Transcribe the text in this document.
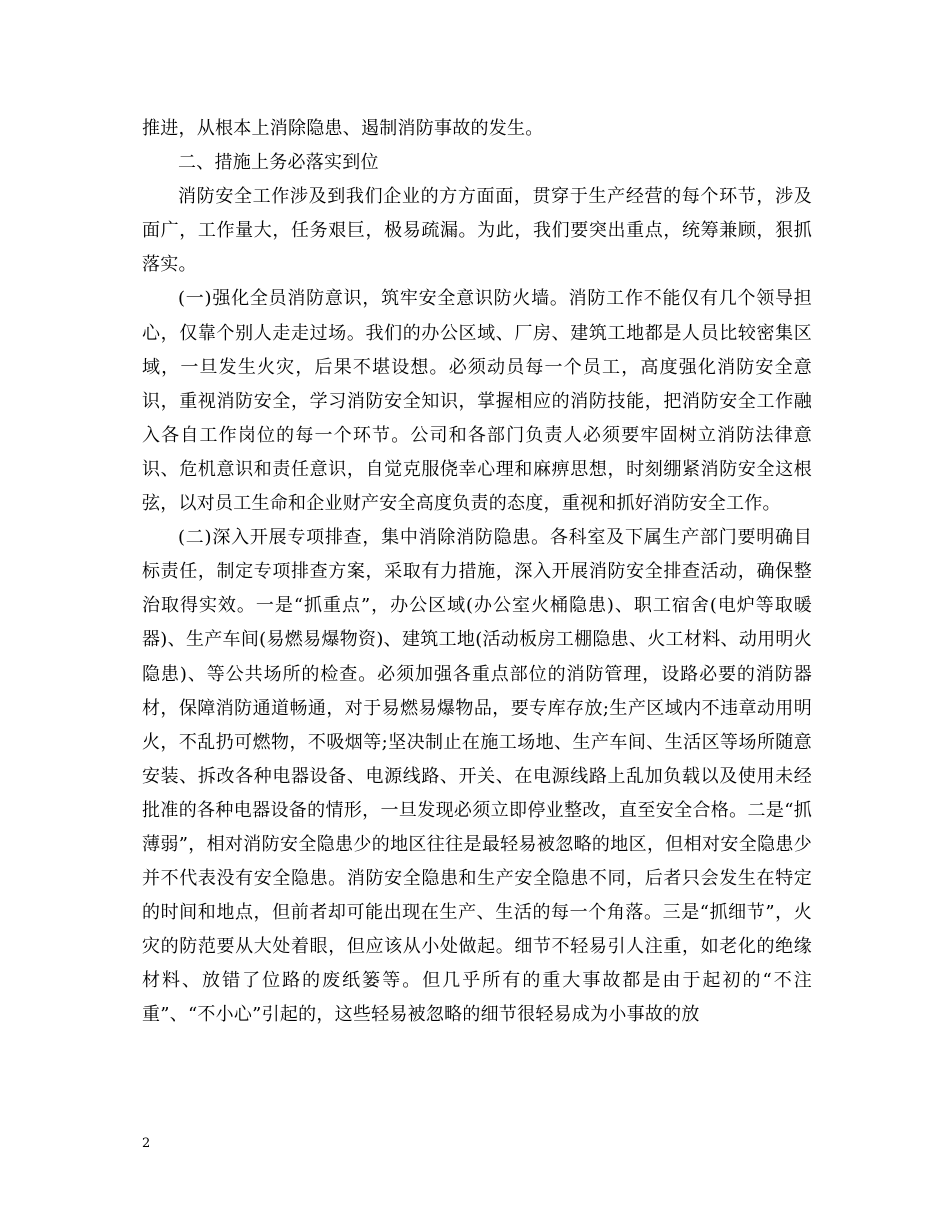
推进，从根本上消除隐患、遏制消防事故的发生。

二、措施上务必落实到位

消防安全工作涉及到我们企业的方方面面，贯穿于生产经营的每个环节，涉及面广，工作量大，任务艰巨，极易疏漏。为此，我们要突出重点，统筹兼顾，狠抓落实。

(一)强化全员消防意识，筑牢安全意识防火墙。消防工作不能仅有几个领导担心，仅靠个别人走走过场。我们的办公区域、厂房、建筑工地都是人员比较密集区域，一旦发生火灾，后果不堪设想。必须动员每一个员工，高度强化消防安全意识，重视消防安全，学习消防安全知识，掌握相应的消防技能，把消防安全工作融入各自工作岗位的每一个环节。公司和各部门负责人必须要牢固树立消防法律意识、危机意识和责任意识，自觉克服侥幸心理和麻痹思想，时刻绷紧消防安全这根弦，以对员工生命和企业财产安全高度负责的态度，重视和抓好消防安全工作。

(二)深入开展专项排查，集中消除消防隐患。各科室及下属生产部门要明确目标责任，制定专项排查方案，采取有力措施，深入开展消防安全排查活动，确保整治取得实效。一是“抓重点”，办公区域(办公室火桶隐患)、职工宿舍(电炉等取暖器)、生产车间(易燃易爆物资)、建筑工地(活动板房工棚隐患、火工材料、动用明火隐患)、等公共场所的检查。必须加强各重点部位的消防管理，设路必要的消防器材，保障消防通道畅通，对于易燃易爆物品，要专库存放;生产区域内不违章动用明火，不乱扔可燃物，不吸烟等;坚决制止在施工场地、生产车间、生活区等场所随意安装、拆改各种电器设备、电源线路、开关、在电源线路上乱加负载以及使用未经批准的各种电器设备的情形，一旦发现必须立即停业整改，直至安全合格。二是“抓薄弱”，相对消防安全隐患少的地区往往是最轻易被忽略的地区，但相对安全隐患少并不代表没有安全隐患。消防安全隐患和生产安全隐患不同，后者只会发生在特定的时间和地点，但前者却可能出现在生产、生活的每一个角落。三是“抓细节”，火灾的防范要从大处着眼，但应该从小处做起。细节不轻易引人注重，如老化的绝缘材料、放错了位路的废纸篓等。但几乎所有的重大事故都是由于起初的“不注重”、“不小心”引起的，这些轻易被忽略的细节很轻易成为小事故的放

2
